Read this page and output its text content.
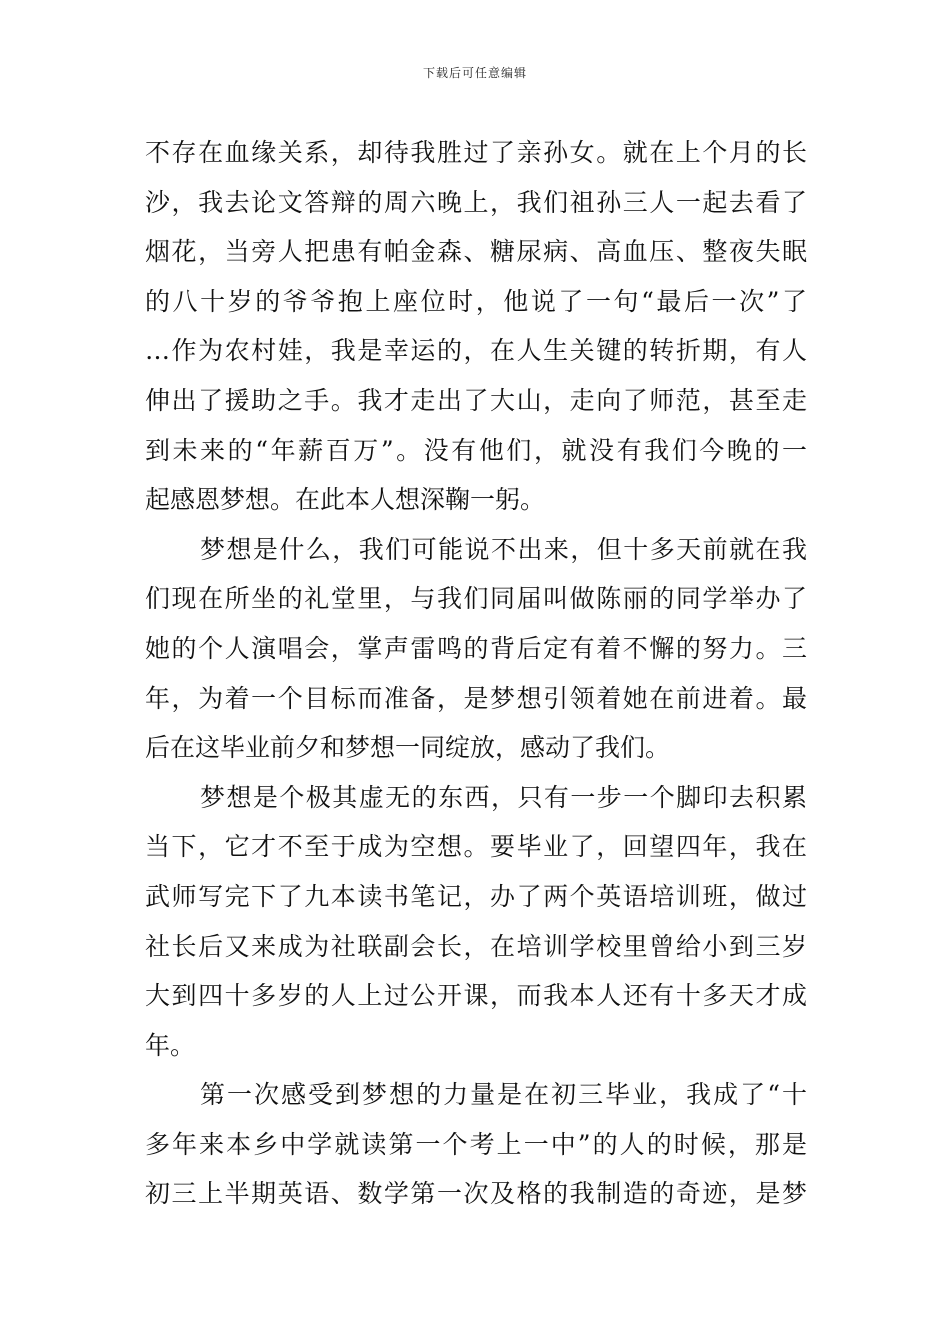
下载后可任意编辑
不存在血缘关系，却待我胜过了亲孙女。就在上个月的长
沙，我去论文答辩的周六晚上，我们祖孙三人一起去看了
烟花，当旁人把患有帕金森、糖尿病、高血压、整夜失眠
的八十岁的爷爷抱上座位时，他说了一句“最后一次”了
…作为农村娃，我是幸运的，在人生关键的转折期，有人
伸出了援助之手。我才走出了大山，走向了师范，甚至走
到未来的“年薪百万”。没有他们，就没有我们今晚的一
起感恩梦想。在此本人想深鞠一躬。
梦想是什么，我们可能说不出来，但十多天前就在我
们现在所坐的礼堂里，与我们同届叫做陈丽的同学举办了
她的个人演唱会，掌声雷鸣的背后定有着不懈的努力。三
年，为着一个目标而准备，是梦想引领着她在前进着。最
后在这毕业前夕和梦想一同绽放，感动了我们。
梦想是个极其虚无的东西，只有一步一个脚印去积累
当下，它才不至于成为空想。要毕业了，回望四年，我在
武师写完下了九本读书笔记，办了两个英语培训班，做过
社长后又来成为社联副会长，在培训学校里曾给小到三岁
大到四十多岁的人上过公开课，而我本人还有十多天才成
年。
第一次感受到梦想的力量是在初三毕业，我成了“十
多年来本乡中学就读第一个考上一中”的人的时候，那是
初三上半期英语、数学第一次及格的我制造的奇迹，是梦
